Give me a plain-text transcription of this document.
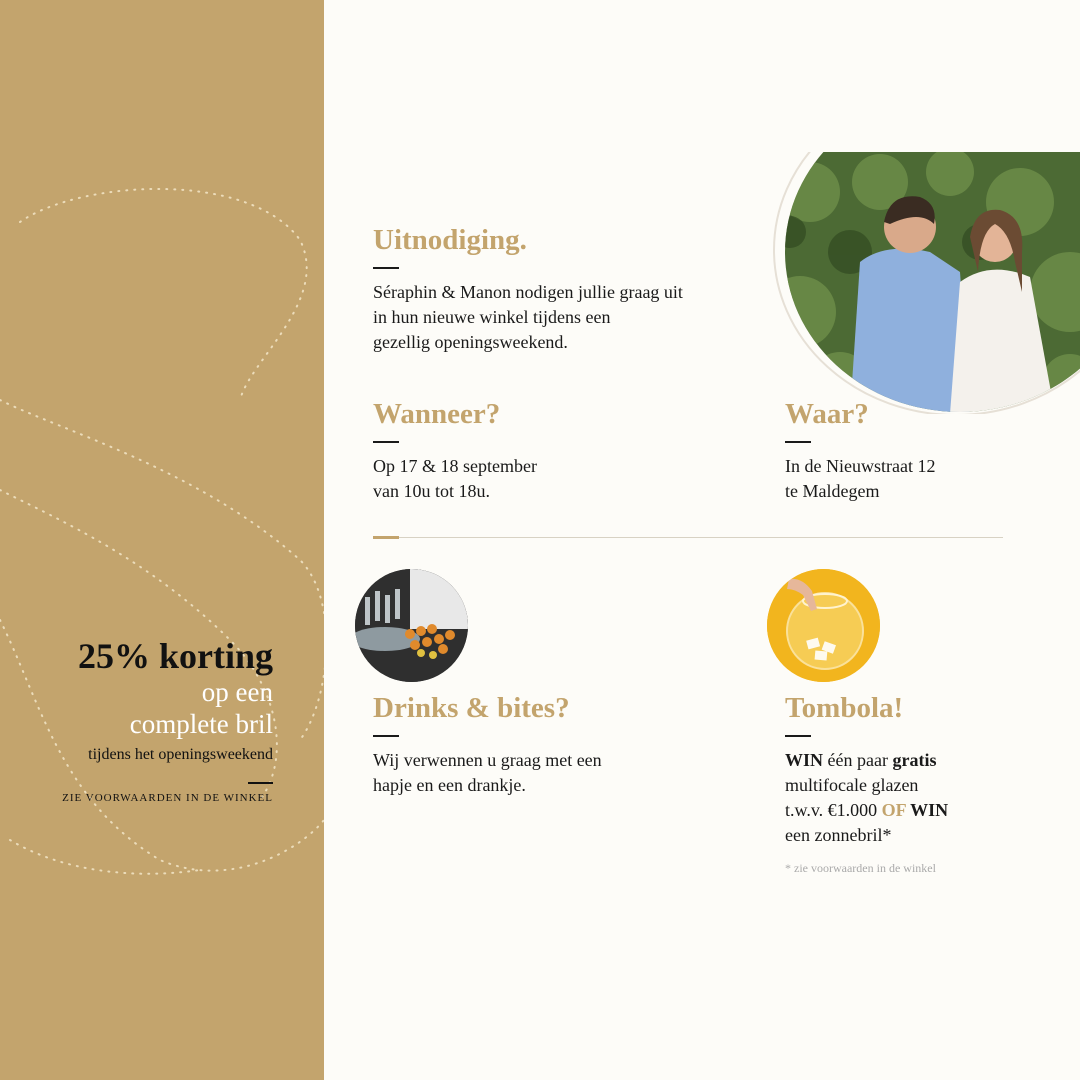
25% korting
op een
complete bril
tijdens het openingsweekend
ZIE VOORWAARDEN IN DE WINKEL
Uitnodiging.
Séraphin & Manon nodigen jullie graag uit
in hun nieuwe winkel tijdens een
gezellig openingsweekend.
Wanneer?
Op 17 & 18 september
van 10u tot 18u.
Waar?
In de Nieuwstraat 12
te Maldegem
Drinks & bites?
Wij verwennen u graag met een
hapje en een drankje.
Tombola!
WIN één paar gratis
multifocale glazen
t.w.v. €1.000 OF WIN
een zonnebril*
* zie voorwaarden in de winkel
